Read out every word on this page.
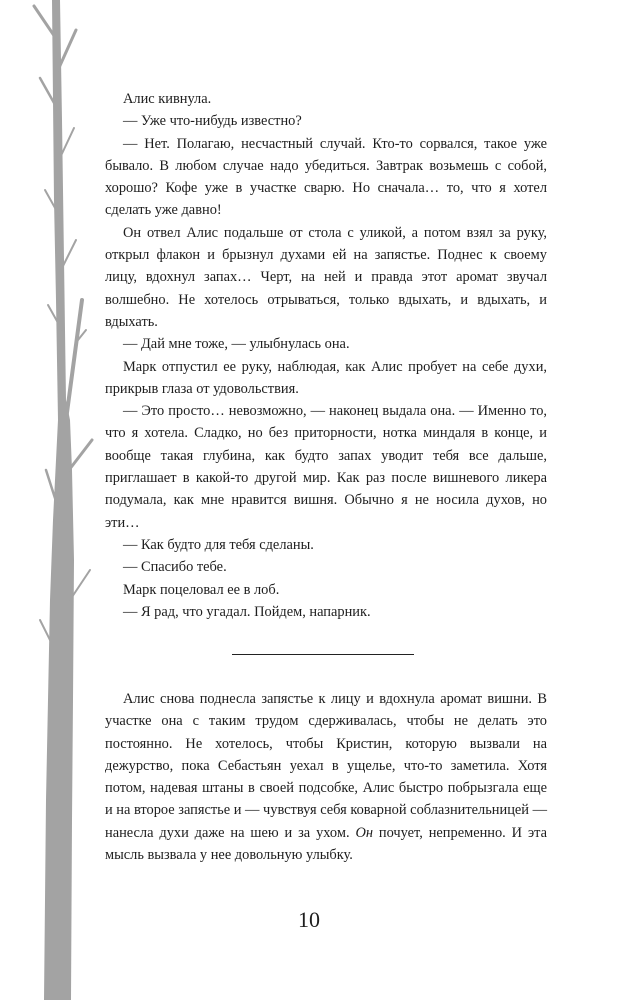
Алис кивнула.

— Уже что-нибудь известно?

— Нет. Полагаю, несчастный случай. Кто-то сорвался, такое уже бывало. В любом случае надо убедиться. Завтрак возьмешь с собой, хорошо? Кофе уже в участке сварю. Но сначала… то, что я хотел сделать уже давно!

Он отвел Алис подальше от стола с уликой, а потом взял за руку, открыл флакон и брызнул духами ей на запястье. Поднес к своему лицу, вдохнул запах… Черт, на ней и правда этот аромат звучал волшебно. Не хотелось отрываться, только вдыхать, и вдыхать, и вдыхать.

— Дай мне тоже, — улыбнулась она.

Марк отпустил ее руку, наблюдая, как Алис пробует на себе духи, прикрыв глаза от удовольствия.

— Это просто… невозможно, — наконец выдала она. — Именно то, что я хотела. Сладко, но без приторности, нотка миндаля в конце, и вообще такая глубина, как будто запах уводит тебя все дальше, приглашает в какой-то другой мир. Как раз после вишневого ликера подумала, как мне нравится вишня. Обычно я не носила духов, но эти…

— Как будто для тебя сделаны.

— Спасибо тебе.

Марк поцеловал ее в лоб.

— Я рад, что угадал. Пойдем, напарник.

Алис снова поднесла запястье к лицу и вдохнула аромат вишни. В участке она с таким трудом сдерживалась, чтобы не делать это постоянно. Не хотелось, чтобы Кристин, которую вызвали на дежурство, пока Себастьян уехал в ущелье, что-то заметила. Хотя потом, надевая штаны в своей подсобке, Алис быстро побрызгала еще и на второе запястье и — чувствуя себя коварной соблазнительницей — нанесла духи даже на шею и за ухом. Он почует, непременно. И эта мысль вызвала у нее довольную улыбку.

10
